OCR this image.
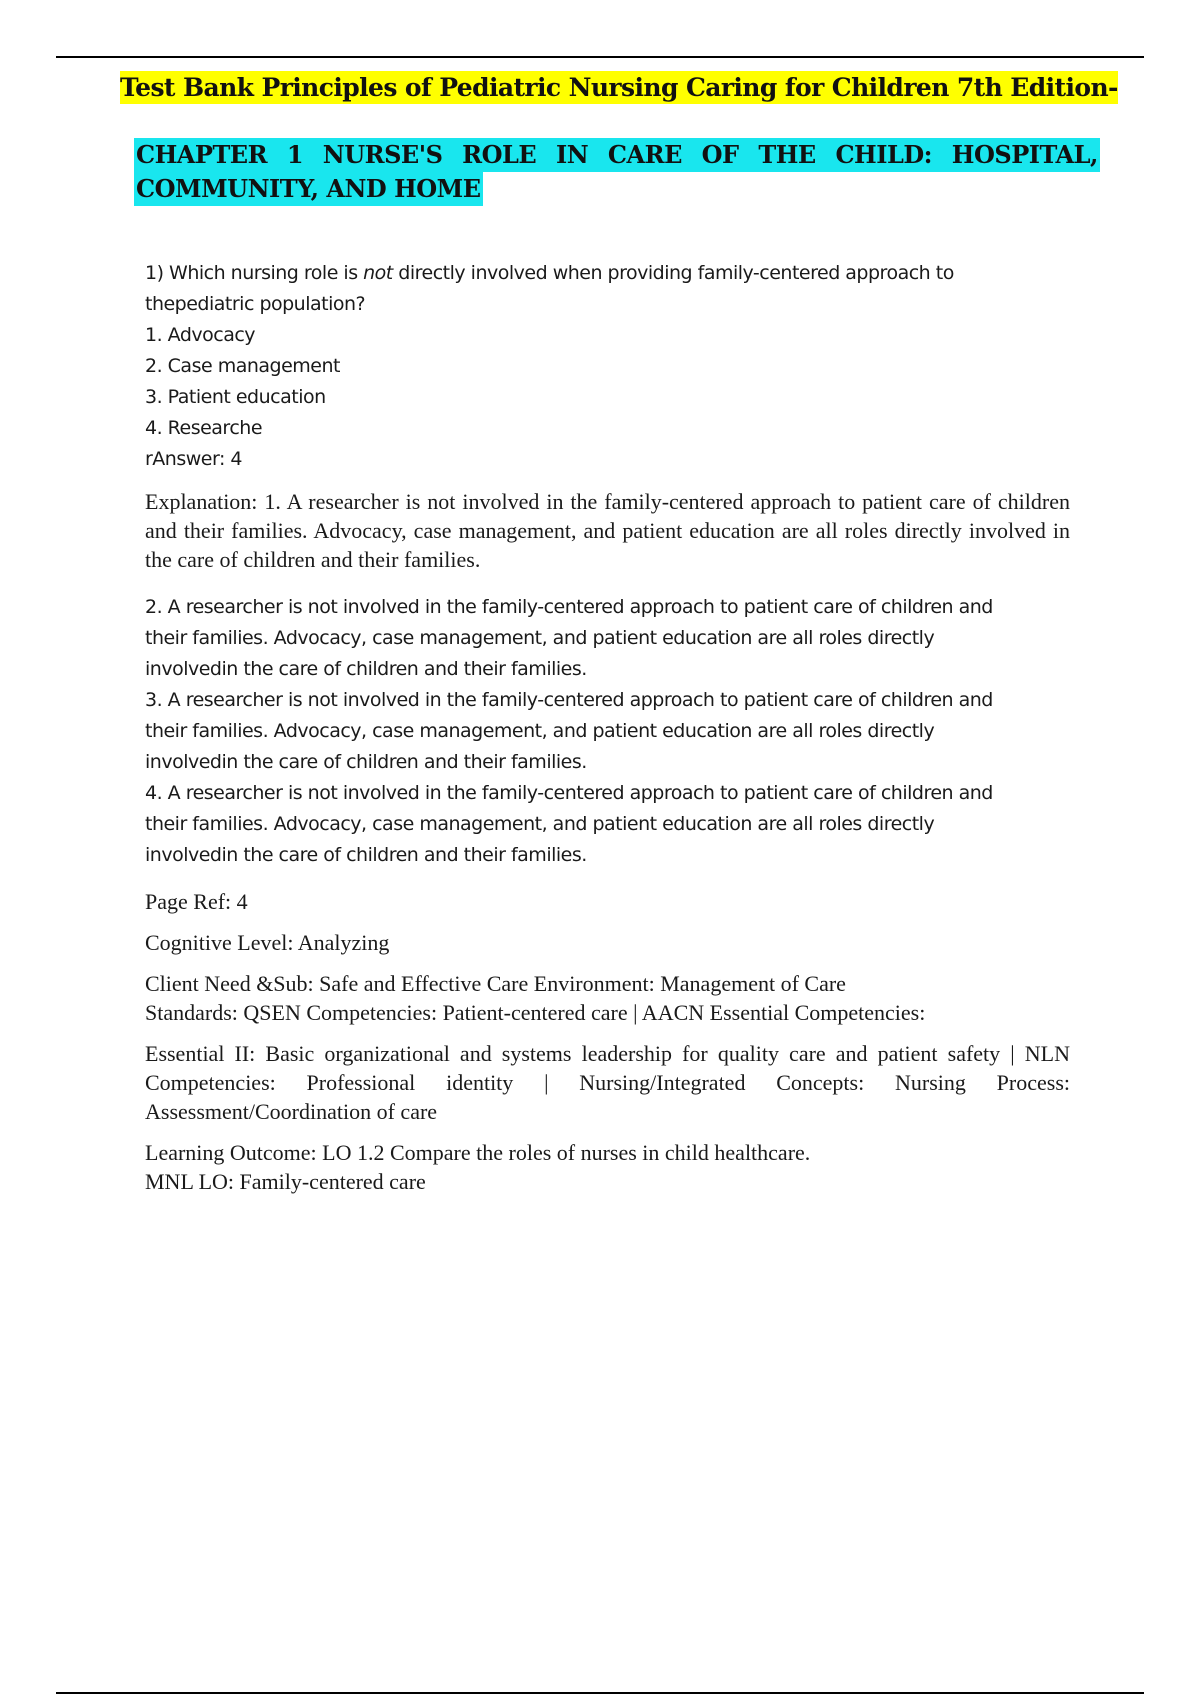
Test Bank Principles of Pediatric Nursing Caring for Children 7th Edition-
CHAPTER 1 NURSE'S ROLE IN CARE OF THE CHILD: HOSPITAL,
COMMUNITY, AND HOME

1) Which nursing role is not directly involved when providing family-centered approach to

thepediatric population?

1. Advocacy

2. Case management

3. Patient education

4. Researche

rAnswer: 4

Explanation: 1. A researcher is not involved in the family-centered approach to patient care of children and their families. Advocacy, case management, and patient education are all roles directly involved in the care of children and their families.

2. A researcher is not involved in the family-centered approach to patient care of children and

their families. Advocacy, case management, and patient education are all roles directly

involvedin the care of children and their families.

3. A researcher is not involved in the family-centered approach to patient care of children and

their families. Advocacy, case management, and patient education are all roles directly

involvedin the care of children and their families.

4. A researcher is not involved in the family-centered approach to patient care of children and

their families. Advocacy, case management, and patient education are all roles directly

involvedin the care of children and their families.

Page Ref: 4

Cognitive Level: Analyzing

Client Need &Sub: Safe and Effective Care Environment: Management of Care

Standards: QSEN Competencies: Patient-centered care | AACN Essential Competencies:

Essential II: Basic organizational and systems leadership for quality care and patient safety | NLN Competencies: Professional identity | Nursing/Integrated Concepts: Nursing Process: Assessment/Coordination of care

Learning Outcome: LO 1.2 Compare the roles of nurses in child healthcare.

MNL LO: Family-centered care
